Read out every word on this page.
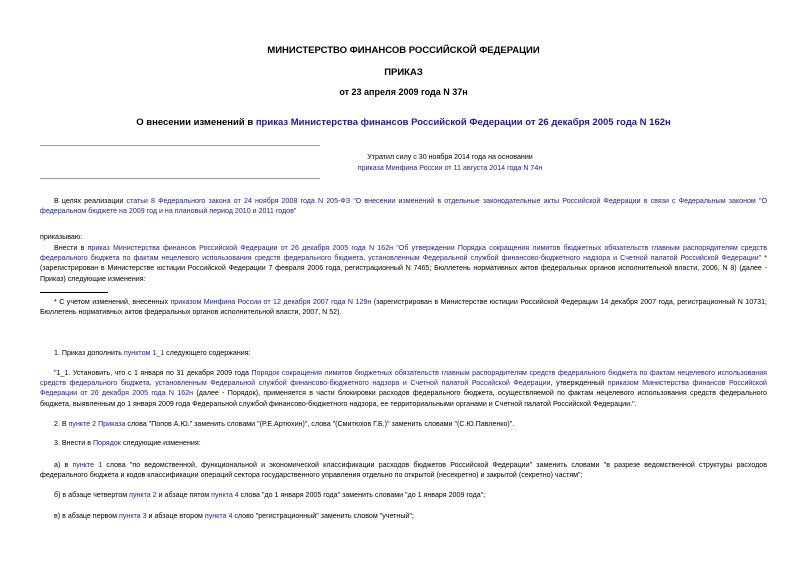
МИНИСТЕРСТВО ФИНАНСОВ РОССИЙСКОЙ ФЕДЕРАЦИИ
ПРИКАЗ
от 23 апреля 2009 года N 37н
О внесении изменений в приказ Министерства финансов Российской Федерации от 26 декабря 2005 года N 162н
Утратил силу с 30 ноября 2014 года на основании
приказа Минфина России от 11 августа 2014 года N 74н
В целях реализации статьи 8 Федерального закона от 24 ноября 2008 года N 205-ФЗ "О внесении изменений в отдельные законодательные акты Российской Федерации в связи с Федеральным законом "О федеральном бюджете на 2009 год и на плановый период 2010 и 2011 годов"
приказываю:
Внести в приказ Министерства финансов Российской Федерации от 26 декабря 2005 года N 162н "Об утверждении Порядка сокращения лимитов бюджетных обязательств главным распорядителям средств федерального бюджета по фактам нецелевого использования средств федерального бюджета, установленным Федеральной службой финансово-бюджетного надзора и Счетной палатой Российской Федерации" * (зарегистрирован в Министерстве юстиции Российской Федерации 7 февраля 2006 года, регистрационный N 7465; Бюллетень нормативных актов федеральных органов исполнительной власти, 2006, N 8) (далее - Приказ) следующие изменения:
* С учетом изменений, внесенных приказом Минфина России от 12 декабря 2007 года N 129н (зарегистрирован в Министерстве юстиции Российской Федерации 14 декабря 2007 года, регистрационный N 10731; Бюллетень нормативных актов федеральных органов исполнительной власти, 2007, N 52).
1. Приказ дополнить пунктом 1_1 следующего содержания:
"1_1. Установить, что с 1 января по 31 декабря 2009 года Порядок сокращения лимитов бюджетных обязательств главным распорядителям средств федерального бюджета по фактам нецелевого использования средств федерального бюджета, установленным Федеральной службой финансово-бюджетного надзора и Счетной палатой Российской Федерации, утвержденный приказом Министерства финансов Российской Федерации от 26 декабря 2005 года N 162н (далее - Порядок), применяется в части блокировки расходов федерального бюджета, осуществляемой по фактам нецелевого использования средств федерального бюджета, выявленным до 1 января 2009 года Федеральной службой финансово-бюджетного надзора, ее территориальными органами и Счетной палатой Российской Федерации.".
2. В пункте 2 Приказа слова "Попов А.Ю." заменить словами "(Р.Е.Артюхин)", слова "(Смитюхов Г.Б.)" заменить словами "(С.Ю.Павленко)".
3. Внести в Порядок следующие изменения:
а) в пункте 1 слова "по ведомственной, функциональной и экономической классификации расходов бюджетов Российской Федерации" заменить словами "в разрезе ведомственной структуры расходов федерального бюджета и кодов классификации операций сектора государственного управления отдельно по открытой (несекретно) и закрытой (секретно) частям";
б) в абзаце четвертом пункта 2 и абзаце пятом пункта 4 слова "до 1 января 2005 года" заменить словами "до 1 января 2009 года";
в) в абзаце первом пункта 3 и абзаце втором пункта 4 слово "регистрационный" заменить словом "учетный";
